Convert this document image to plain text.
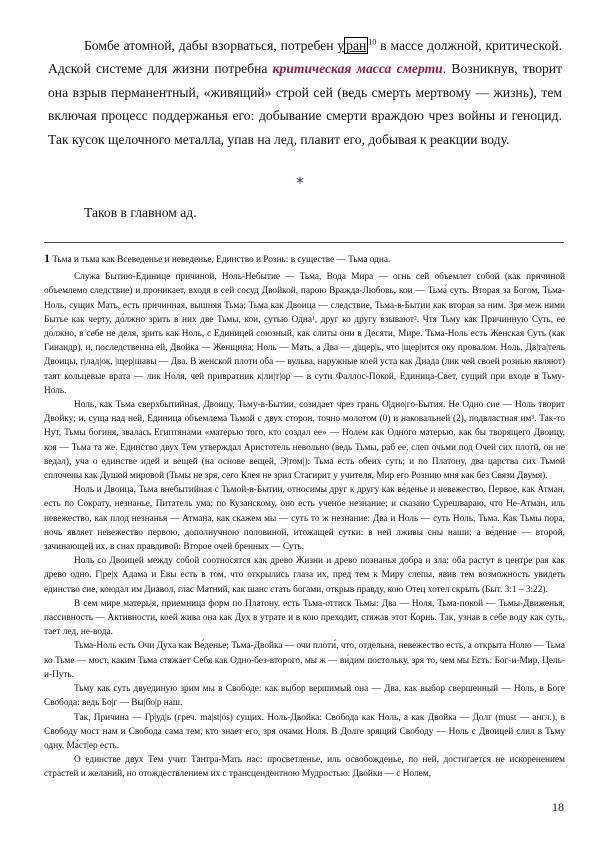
Бомбе атомной, дабы взорваться, потребен у ран $^{10}$ в массе должной, критической. Адской системе для жизни потребна критическая масса смерти. Возникнув, творит она взрыв перманентный, «живящий» строй сей (ведь смерть мертвому — жизнь), тем включая процесс поддержанья его: добывание смерти враждою чрез войны и геноцид. Так кусок щелочного металла, упав на лед, плавит его, добывая к реакции воду.

*
Таков в главном ад.

1 Тьма и тьма как Всеведенье и неведенье, Единство и Рознь: в существе — Тьма одна.

Служа Бытию-Единице причиной, Ноль-Небытие — Тьма, Вода Мира — огнь сей объемлет собой (как причиной объемлемо следствие) и проникает, входя в сей сосуд Двойкой, парою Вражда-Любовь, кои — Тьма́ суть. Вторая за Богом, Тьма-Ноль, сущих Мать, есть причинная, вышняя Тьма; Тьма как Двоица — следствие, Тьма-в-Бытии как вторая за ним. Зря меж ними Бытье как черту, до́лжно зрить в них две Тьмы, кои, сутью Одна¹, друг ко другу взывают². Чтя Тьму как Причинную Суть, ее до́лжно, в себе не деля, зрить как Ноль, с Единицей союзный, как слиты они в Десяти, Мире. Тьма-Ноль есть Женская Суть (как Гинандр), и, последственна ей, Двойка — Женщина; Ноль — Мать, а Два — д|щер|ь, что |щер|ится оку провалом. Ноль, Дв|га|тель Двоицы, г|лад|ок, |щер|шавы — Два. В женской плоти оба — вульва, наружные коей уста как Диада (лик чей своей рознью являют) таят кольцевые врата — лик Ноля, чей привратник к|ли|т|ор — в сути Фаллос-Покой, Единица-Свет, сущий при входе в Тьму-Ноль.

Ноль, как Тьма сверхбытийная, Двоицу, Тьму-в-Бытии, созидает чрез грань О|дно|го-Бытия. Не Одно сие — Ноль творит Двойку; и, суща над ней, Единица объемлема Тьмой с двух сторон, точно молотом (0) и наковальней (2), подвластная им³. Так-то Нут, Тьмы богиня, звалась Египтянами «матерью того, кто создал ее» — Нолем как Одного матерью, как бы творящего Двоицу, коя — Тьма та же. Единство двух Тем утверждал Аристотель невольно (ведь Тьмы, раб ее, слеп очьми под Очей сих плотй, он не ведал), уча о единстве идей и вещей (на основе вещей, Э|том|): Тьма есть обеих суть; и по Платону, два царства сих Тьмой сплочены как Душой мировой (Тьмы не зря, сего Клея не зрил Стагирит у учителя, Мир его Рознию мня как без Связи Двумя).

Ноль и Двоица, Тьма внебытийная с Тьмой-в-Бытии, относимы друг к другу как ве́денье и невежество. Первое, как Атман, есть по Сократу, незнанье, Питатель ума; по Кузанскому, оно есть ученое незнание; и сказано Сурешвараю, что Не-Атман, иль невежество, как плод незнанья — Атмана, как скажем мы — суть то ж незнание: Два и Ноль — суть Ноль, Тьма. Как Тьмы пора, ночь являет невежество первою, дополнучною половиной, итожащей сутки: в ней лживы сны наши; а ве́дение — второй, зачинающей их, в снах правдивой: Второе очей бренных — Суть.

Ноль со Двоицей между собой соотносятся как древо Жизни и древо познанья добра и зла: оба растут в центре рая как древо одно. Г|ре|х Адама и Евы есть в том, что открылись глаза их, пред тем к Миру слепы, явив тем возможность увидеть единство сие, коюдал им Диавол, глас Матний, как шанс стать богами, открыв правду, кою Отец хотел скрыть (Быт. 3:1 – 3:22).

В сем мире матерь|я, приемница форм по Платону, есть Тьма-оттиск Тьмы: Два — Ноля, Тьма-покой — Тьмы-Движенья, пассивность — Активности, коей жива она как Дух в утрате и в кою преходит, стяжав этот Корнь. Так, узнав в себе воду как суть, тает лед, не-вода.

Тьма-Ноль есть Очи Духа как Ве́денье; Тьма-Двойка — очи плоти́, что, отдельна, невежество есть, а открыта Нолю — Тьма ко Тьме — мост, каким Тьма стяжает Себя как Одно-без-второго, мы ж — ви́дим постольку, зря то, чем мы Есть: Бог-и-Мир, Цель-и-Путь.

Тьму как суть двуединую зрим мы в Свободе: как выбор вершимый она — Два, как выбор свершенный — Ноль, в Боге Свобода: ведь Бо|г — Вы|бо|р наш.

Так, Причина — Гр|уд|ь (греч. ma|st|ós) сущих. Ноль-Двойка: Свобода как Ноль, а как Двойка — Долг (must — англ.), в Свободу мост нам и Свобода сама тем, кто знает его, зря очами Ноля. В Долге зрящий Свободу — Ноль с Двоицей слил в Тьму одну, Ма́ст|ер есть.

О единстве двух Тем учит Тантра-Мать нас: просветленье, иль освобожденье, по ней, достигается не искоренением страстей и желаний, но отождествлением их с трансцендентною Мудростью: Двойки — с Нолем,

18
